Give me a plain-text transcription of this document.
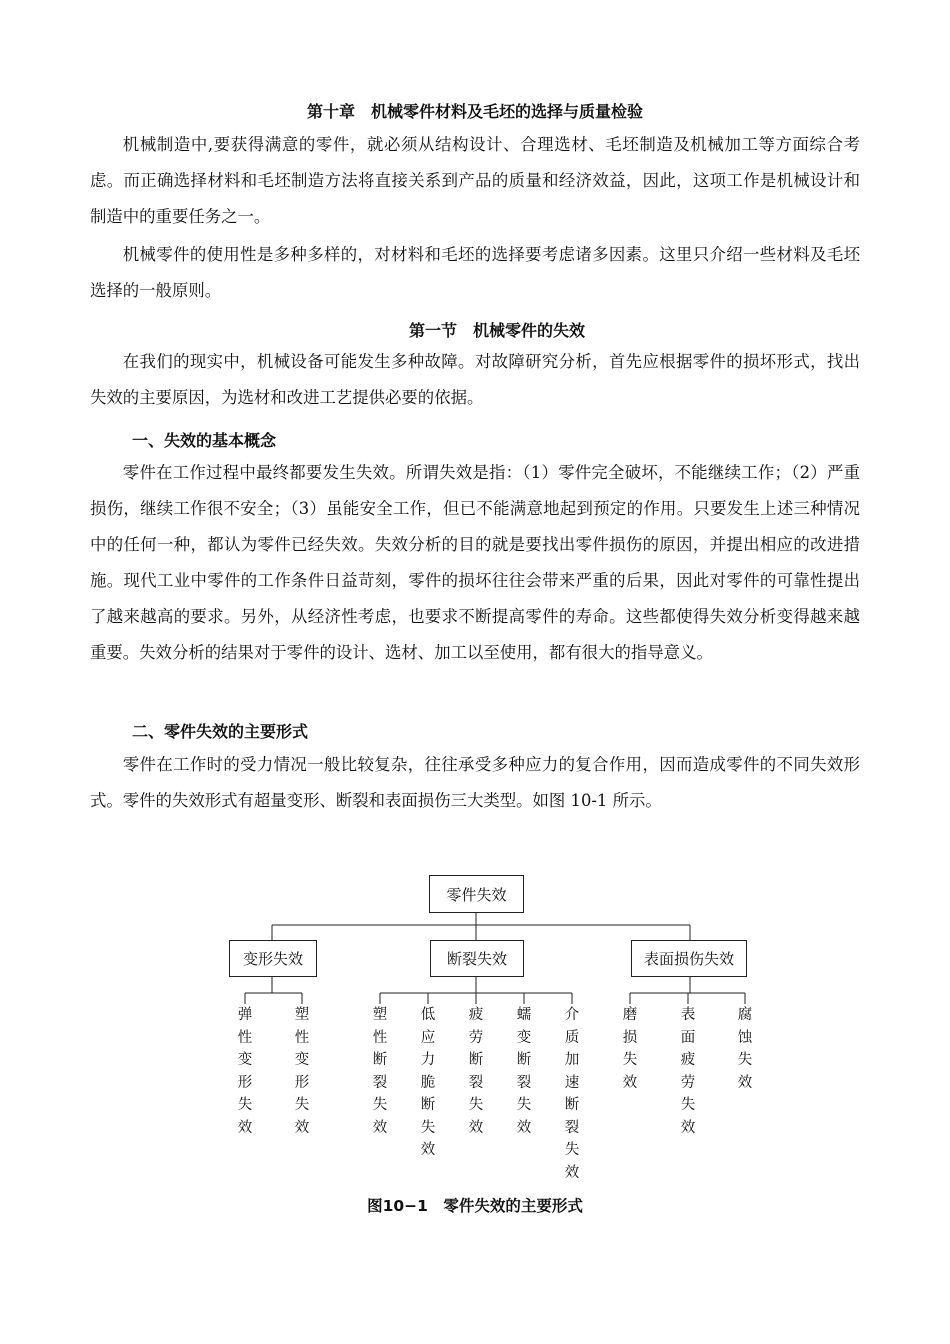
第十章　机械零件材料及毛坯的选择与质量检验

机械制造中,要获得满意的零件，就必须从结构设计、合理选材、毛坯制造及机械加工等方面综合考虑。而正确选择材料和毛坯制造方法将直接关系到产品的质量和经济效益，因此，这项工作是机械设计和制造中的重要任务之一。

机械零件的使用性是多种多样的，对材料和毛坯的选择要考虑诸多因素。这里只介绍一些材料及毛坯选择的一般原则。

第一节　机械零件的失效

在我们的现实中，机械设备可能发生多种故障。对故障研究分析，首先应根据零件的损坏形式，找出失效的主要原因，为选材和改进工艺提供必要的依据。

一、失效的基本概念

零件在工作过程中最终都要发生失效。所谓失效是指：（1）零件完全破坏，不能继续工作；（2）严重损伤，继续工作很不安全；（3）虽能安全工作，但已不能满意地起到预定的作用。只要发生上述三种情况中的任何一种，都认为零件已经失效。失效分析的目的就是要找出零件损伤的原因，并提出相应的改进措施。现代工业中零件的工作条件日益苛刻，零件的损坏往往会带来严重的后果，因此对零件的可靠性提出了越来越高的要求。另外，从经济性考虑，也要求不断提高零件的寿命。这些都使得失效分析变得越来越重要。失效分析的结果对于零件的设计、选材、加工以至使用，都有很大的指导意义。

二、零件失效的主要形式

零件在工作时的受力情况一般比较复杂，往往承受多种应力的复合作用，因而造成零件的不同失效形式。零件的失效形式有超量变形、断裂和表面损伤三大类型。如图 10-1 所示。

零件失效
变形失效	断裂失效	表面损伤失效
弹性变形失效
塑性变形失效
塑性断裂失效
低应力脆断失效
疲劳断裂失效
蠕变断裂失效
介质加速断裂失效
磨损失效
表面疲劳失效
腐蚀失效
图10−1　零件失效的主要形式
